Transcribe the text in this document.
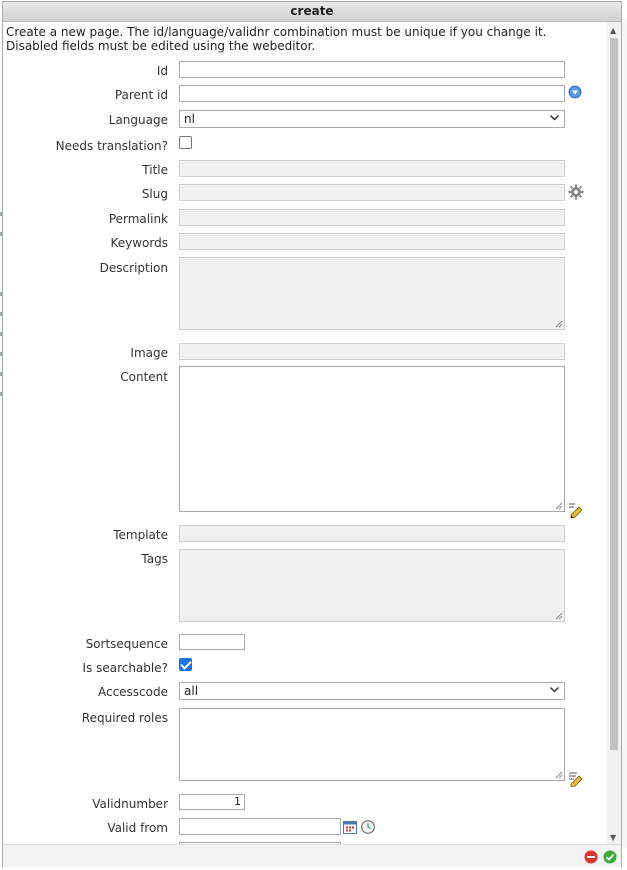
create
Create a new page. The id/language/validnr combination must be unique if you change it. Disabled fields must be edited using the webeditor.
Id
Parent id
Language	nl
Needs translation?
Title
Slug
Permalink
Keywords
Description
Image
Content
Template
Tags
Sortsequence
Is searchable?
Accesscode	all
Required roles
Validnumber	1
Valid from
▲
▼
